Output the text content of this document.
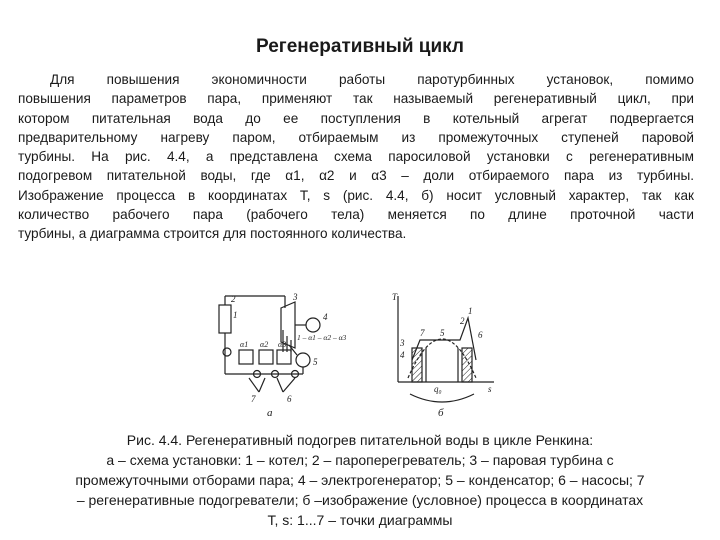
Регенеративный цикл
Для повышения экономичности работы паротурбинных установок, помимо
повышения параметров пара, применяют так называемый регенеративный цикл, при
котором питательная вода до ее поступления в котельный агрегат подвергается
предварительному нагреву паром, отбираемым из промежуточных ступеней паровой
турбины. На рис. 4.4, а представлена схема паросиловой установки с регенеративным
подогревом питательной воды, где α1, α2 и α3 – доли отбираемого пара из турбины.
Изображение процесса в координатах T, s (рис. 4.4, б) носит условный характер, так как
количество рабочего пара (рабочего тела) меняется по длине проточной части
турбины, а диаграмма строится для постоянного количества.
2
1
3
4
5
6
7
α1 α2 α3
1 – α1 – α2 – α3
а
T
s
1
2
3
4
5	6
7
q₀
б
Рис. 4.4. Регенеративный подогрев питательной воды в цикле Ренкина:
а – схема установки: 1 – котел; 2 – пароперегреватель; 3 – паровая турбина с
промежуточными отборами пара; 4 – электрогенератор; 5 – конденсатор; 6 – насосы; 7
– регенеративные подогреватели; б –изображение (условное) процесса в координатах
T, s: 1...7 – точки диаграммы
